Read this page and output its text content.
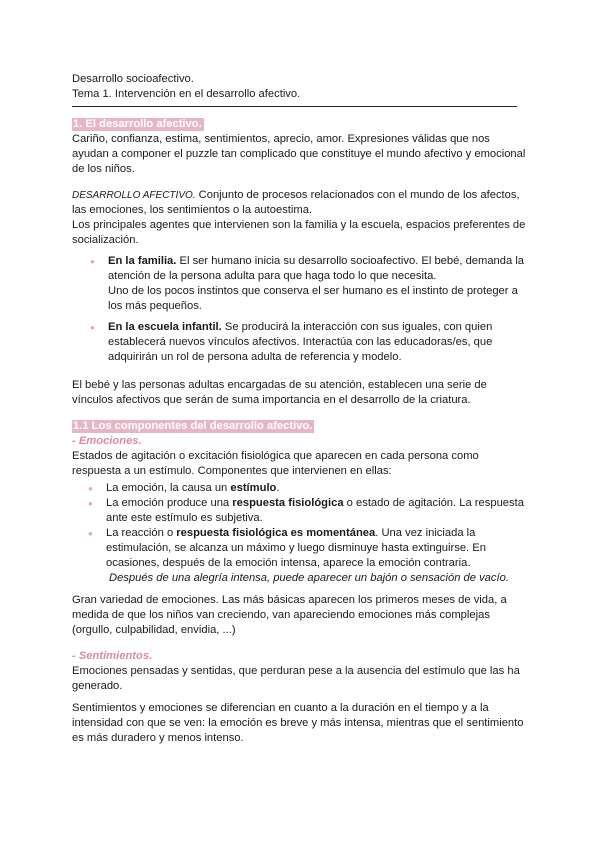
Desarrollo socioafectivo.

Tema 1. Intervención en el desarrollo afectivo.

1. El desarrollo afectivo.

Cariño, confianza, estima, sentimientos, aprecio, amor. Expresiones válidas que nos ayudan a componer el puzzle tan complicado que constituye el mundo afectivo y emocional de los niños.

DESARROLLO AFECTIVO. Conjunto de procesos relacionados con el mundo de los afectos, las emociones, los sentimientos o la autoestima.

Los principales agentes que intervienen son la familia y la escuela, espacios preferentes de socialización.

● En la familia. El ser humano inicia su desarrollo socioafectivo. El bebé, demanda la atención de la persona adulta para que haga todo lo que necesita.
Uno de los pocos instintos que conserva el ser humano es el instinto de proteger a los más pequeños.
● En la escuela infantil. Se producirá la interacción con sus iguales, con quien establecerá nuevos vínculos afectivos. Interactúa con las educadoras/es, que adquirirán un rol de persona adulta de referencia y modelo.

El bebé y las personas adultas encargadas de su atención, establecen una serie de vínculos afectivos que serán de suma importancia en el desarrollo de la criatura.

1.1 Los componentes del desarrollo afectivo.

- Emociones.

Estados de agitación o excitación fisiológica que aparecen en cada persona como respuesta a un estímulo. Componentes que intervienen en ellas:

● La emoción, la causa un estímulo.
● La emoción produce una respuesta fisiológica o estado de agitación. La respuesta ante este estímulo es subjetiva.
● La reacción o respuesta fisiológica es momentánea. Una vez iniciada la estimulación, se alcanza un máximo y luego disminuye hasta extinguirse. En ocasiones, después de la emoción intensa, aparece la emoción contraria.

Después de una alegría intensa, puede aparecer un bajón o sensación de vacío.

Gran variedad de emociones. Las más básicas aparecen los primeros meses de vida, a medida de que los niños van creciendo, van apareciendo emociones más complejas (orgullo, culpabilidad, envidia, ...)

- Sentimientos.

Emociones pensadas y sentidas, que perduran pese a la ausencia del estímulo que las ha generado.

Sentimientos y emociones se diferencian en cuanto a la duración en el tiempo y a la intensidad con que se ven: la emoción es breve y más intensa, mientras que el sentimiento es más duradero y menos intenso.
